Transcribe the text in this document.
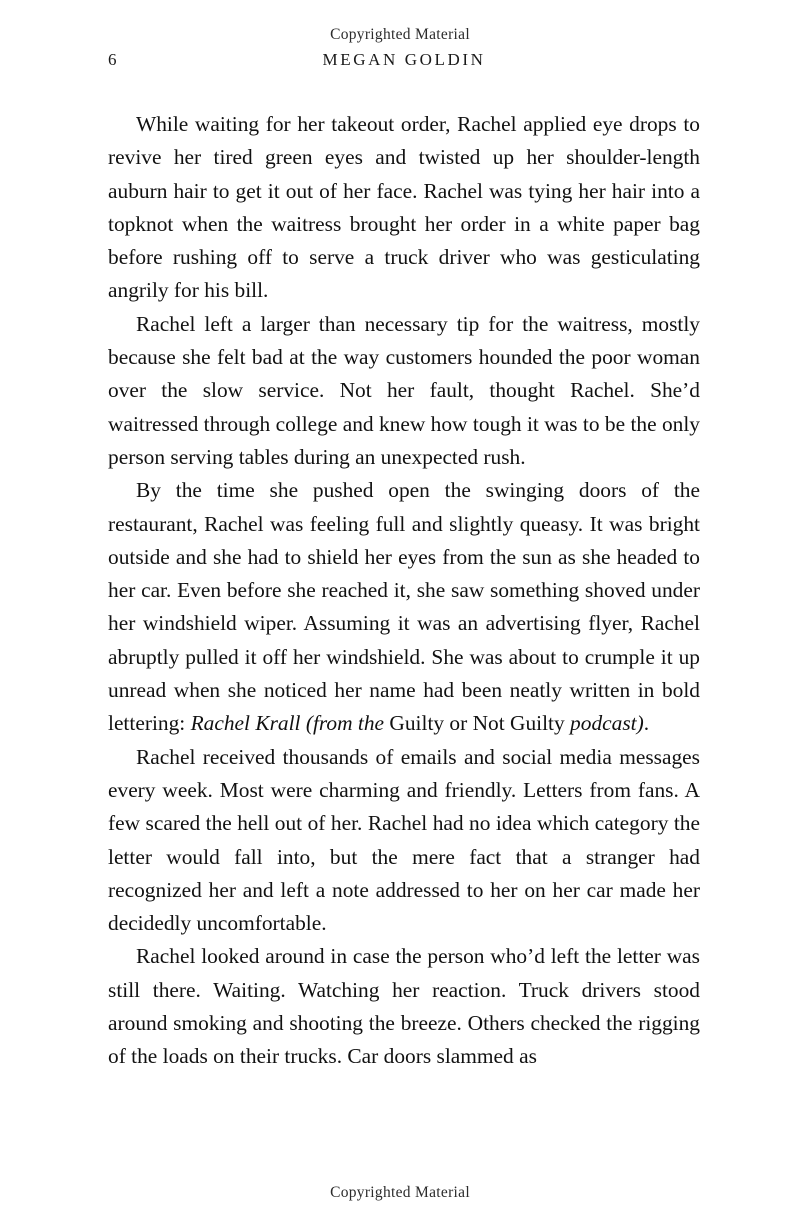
Copyrighted Material
6	MEGAN GOLDIN

While waiting for her takeout order, Rachel applied eye drops to revive her tired green eyes and twisted up her shoulder-length auburn hair to get it out of her face. Rachel was tying her hair into a topknot when the waitress brought her order in a white paper bag before rushing off to serve a truck driver who was gesticulating angrily for his bill.

Rachel left a larger than necessary tip for the waitress, mostly because she felt bad at the way customers hounded the poor woman over the slow service. Not her fault, thought Rachel. She’d waitressed through college and knew how tough it was to be the only person serving tables during an unexpected rush.

By the time she pushed open the swinging doors of the restaurant, Rachel was feeling full and slightly queasy. It was bright outside and she had to shield her eyes from the sun as she headed to her car. Even before she reached it, she saw something shoved under her windshield wiper. Assuming it was an advertising flyer, Rachel abruptly pulled it off her windshield. She was about to crumple it up unread when she noticed her name had been neatly written in bold lettering: Rachel Krall (from the Guilty or Not Guilty podcast).

Rachel received thousands of emails and social media messages every week. Most were charming and friendly. Letters from fans. A few scared the hell out of her. Rachel had no idea which category the letter would fall into, but the mere fact that a stranger had recognized her and left a note addressed to her on her car made her decidedly uncomfortable.

Rachel looked around in case the person who’d left the letter was still there. Waiting. Watching her reaction. Truck drivers stood around smoking and shooting the breeze. Others checked the rigging of the loads on their trucks. Car doors slammed as

Copyrighted Material
